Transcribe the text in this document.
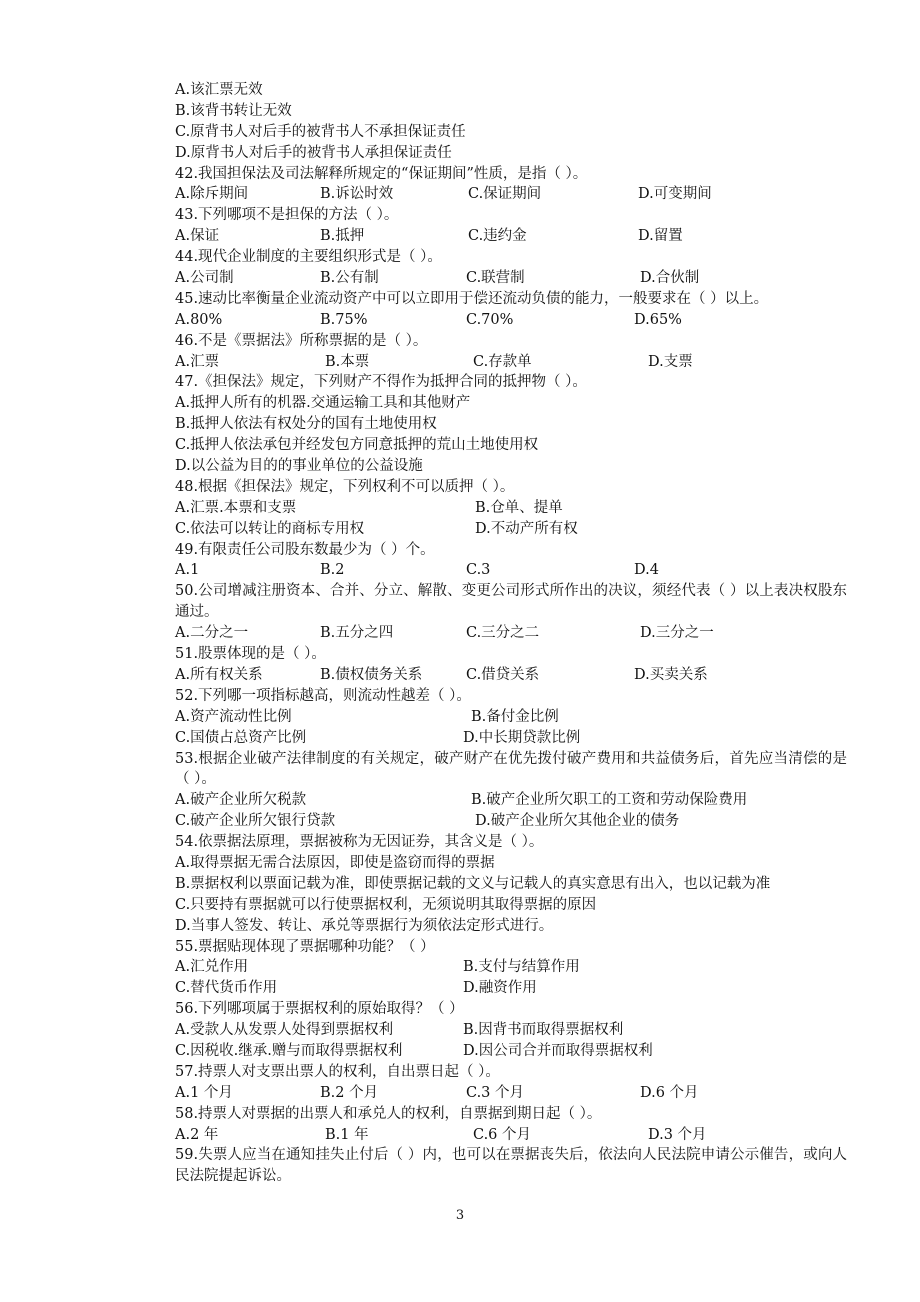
A.该汇票无效
B.该背书转让无效
C.原背书人对后手的被背书人不承担保证责任
D.原背书人对后手的被背书人承担保证责任
42.我国担保法及司法解释所规定的“保证期间”性质，是指（ ）。
A.除斥期间	B.诉讼时效	C.保证期间	D.可变期间
43.下列哪项不是担保的方法（ ）。
A.保证	B.抵押	C.违约金	D.留置
44.现代企业制度的主要组织形式是（ ）。
A.公司制	B.公有制	C.联营制	D.合伙制
45.速动比率衡量企业流动资产中可以立即用于偿还流动负债的能力，一般要求在（ ）以上。
A.80%	B.75%	C.70%	D.65%
46.不是《票据法》所称票据的是（ ）。
A.汇票	B.本票	C.存款单	D.支票
47.《担保法》规定，下列财产不得作为抵押合同的抵押物（ ）。
A.抵押人所有的机器.交通运输工具和其他财产
B.抵押人依法有权处分的国有土地使用权
C.抵押人依法承包并经发包方同意抵押的荒山土地使用权
D.以公益为目的的事业单位的公益设施
48.根据《担保法》规定，下列权利不可以质押（ ）。
A.汇票.本票和支票	B.仓单、提单
C.依法可以转让的商标专用权	D.不动产所有权
49.有限责任公司股东数最少为（ ）个。
A.1	B.2	C.3	D.4
50.公司增减注册资本、合并、分立、解散、变更公司形式所作出的决议，须经代表（ ）以上表决权股东通过。
A.二分之一	B.五分之四	C.三分之二	D.三分之一
51.股票体现的是（ ）。
A.所有权关系	B.债权债务关系	C.借贷关系	D.买卖关系
52.下列哪一项指标越高，则流动性越差（ ）。
A.资产流动性比例	B.备付金比例
C.国债占总资产比例	D.中长期贷款比例
53.根据企业破产法律制度的有关规定，破产财产在优先拨付破产费用和共益债务后，首先应当清偿的是（ ）。
A.破产企业所欠税款	B.破产企业所欠职工的工资和劳动保险费用
C.破产企业所欠银行贷款	D.破产企业所欠其他企业的债务
54.依票据法原理，票据被称为无因证券，其含义是（ ）。
A.取得票据无需合法原因，即使是盗窃而得的票据
B.票据权利以票面记载为准，即使票据记载的文义与记载人的真实意思有出入，也以记载为准
C.只要持有票据就可以行使票据权利，无须说明其取得票据的原因
D.当事人签发、转让、承兑等票据行为须依法定形式进行。
55.票据贴现体现了票据哪种功能？（ ）
A.汇兑作用	B.支付与结算作用
C.替代货币作用	D.融资作用
56.下列哪项属于票据权利的原始取得？（ ）
A.受款人从发票人处得到票据权利	B.因背书而取得票据权利
C.因税收.继承.赠与而取得票据权利	D.因公司合并而取得票据权利
57.持票人对支票出票人的权利，自出票日起（ ）。
A.1 个月	B.2 个月	C.3 个月	D.6 个月
58.持票人对票据的出票人和承兑人的权利，自票据到期日起（ ）。
A.2 年	B.1 年	C.6 个月	D.3 个月
59.失票人应当在通知挂失止付后（ ）内，也可以在票据丧失后，依法向人民法院申请公示催告，或向人民法院提起诉讼。
3
